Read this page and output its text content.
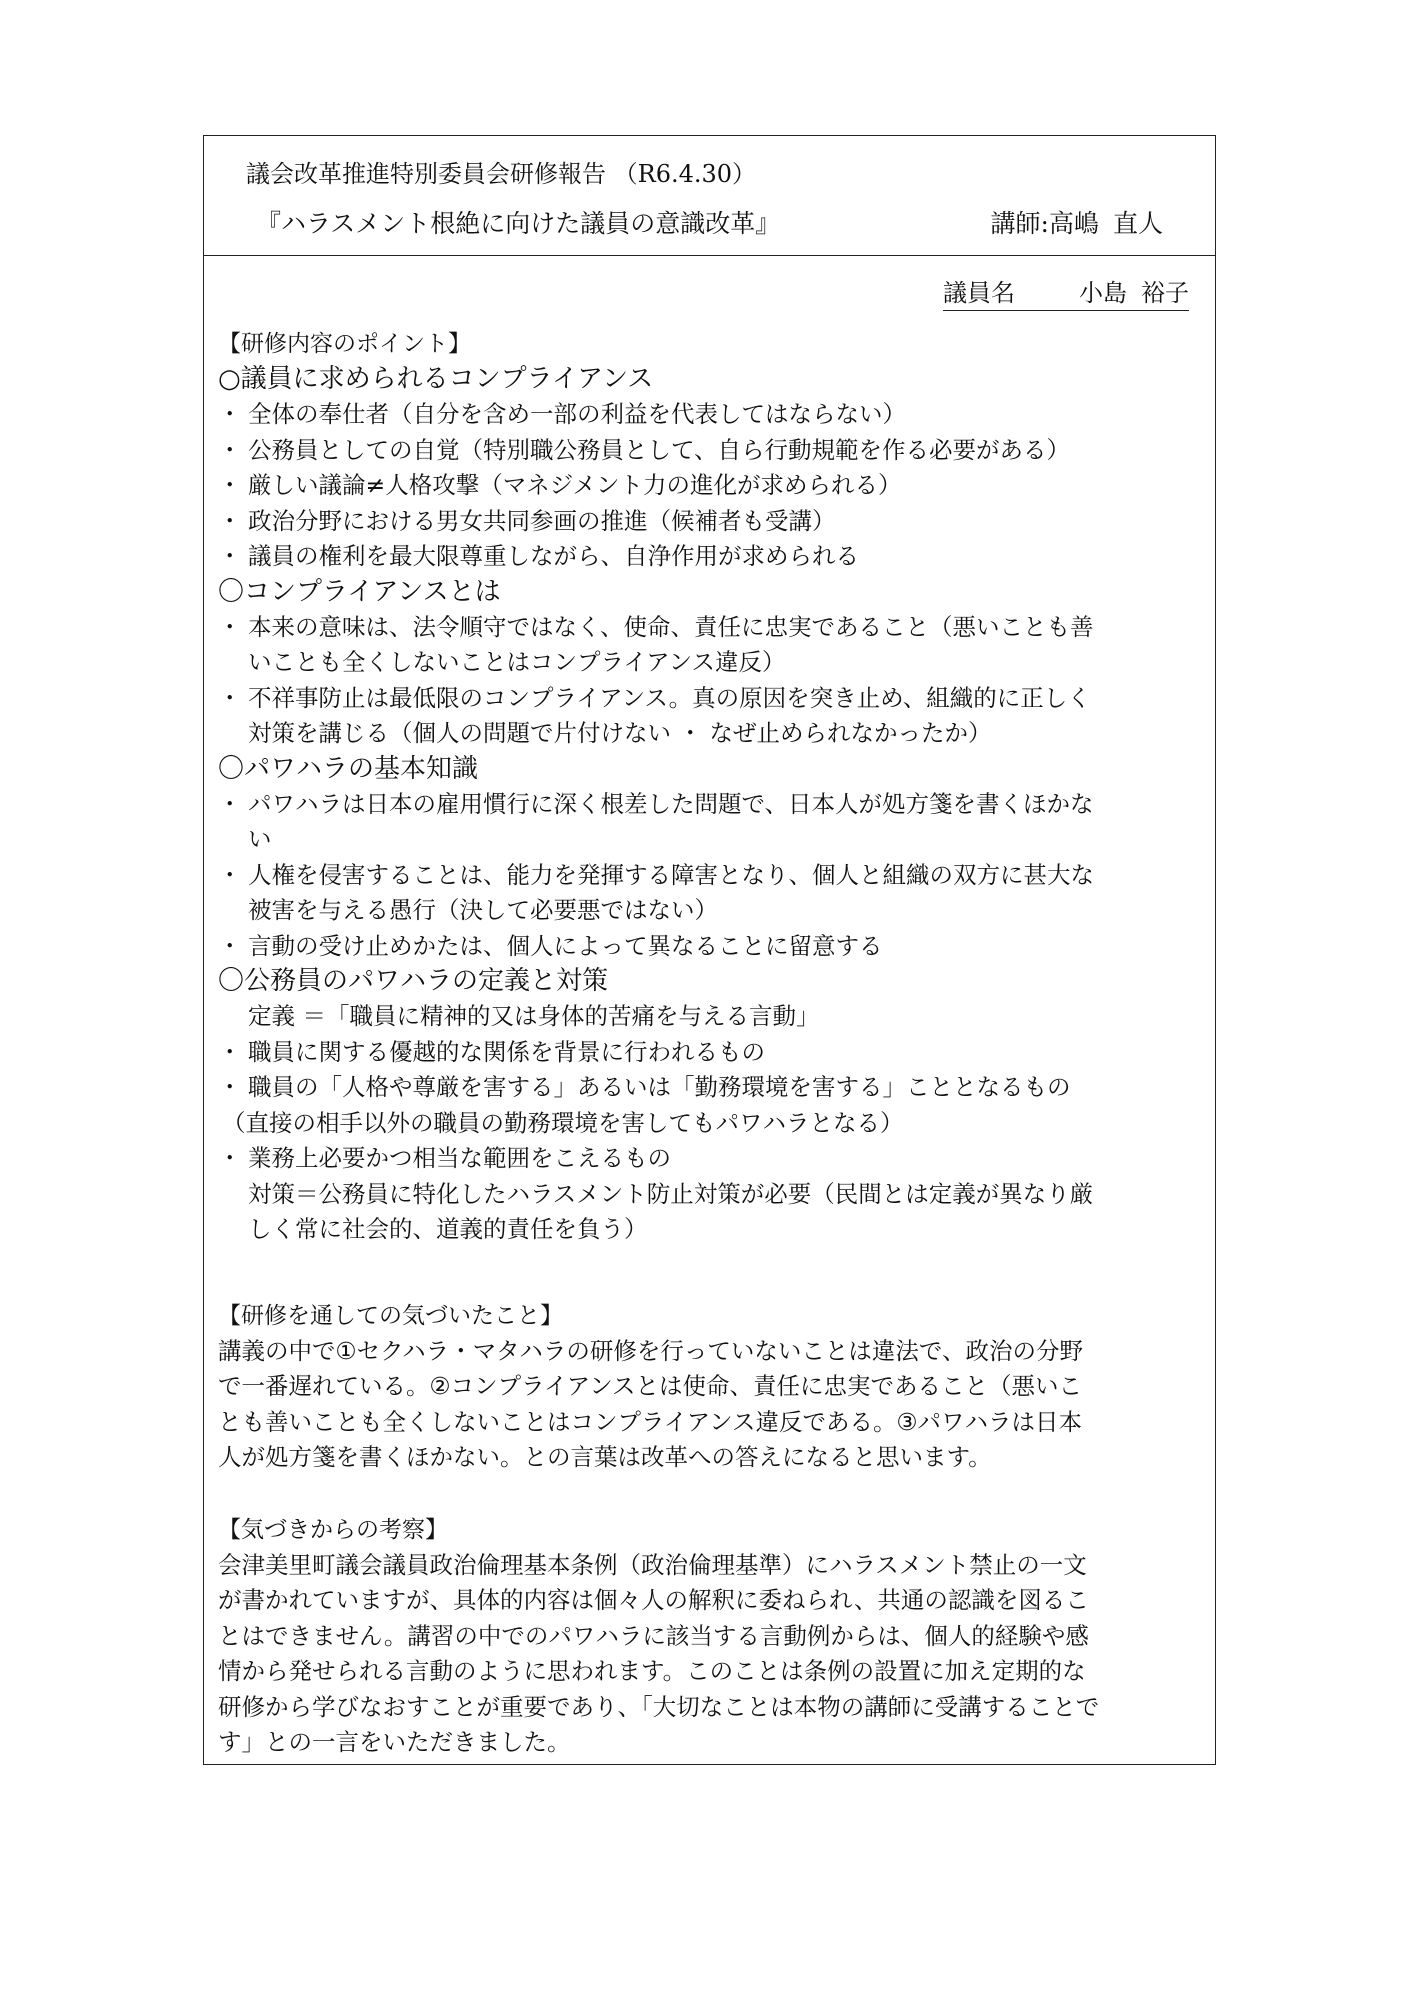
議会改革推進特別委員会研修報告 （R6.4.30）
『ハラスメント根絶に向けた議員の意識改革』	講師:高嶋 直人
議員名	小島 裕子
【研修内容のポイント】
○議員に求められるコンプライアンス
・ 全体の奉仕者（自分を含め一部の利益を代表してはならない）
・ 公務員としての自覚（特別職公務員として、自ら行動規範を作る必要がある）
・ 厳しい議論≠人格攻撃（マネジメント力の進化が求められる）
・ 政治分野における男女共同参画の推進（候補者も受講）
・ 議員の権利を最大限尊重しながら、自浄作用が求められる
〇コンプライアンスとは
・ 本来の意味は、法令順守ではなく、使命、責任に忠実であること（悪いことも善
いことも全くしないことはコンプライアンス違反）
・ 不祥事防止は最低限のコンプライアンス。真の原因を突き止め、組織的に正しく
対策を講じる（個人の問題で片付けない ・ なぜ止められなかったか）
〇パワハラの基本知識
・ パワハラは日本の雇用慣行に深く根差した問題で、日本人が処方箋を書くほかな
い
・ 人権を侵害することは、能力を発揮する障害となり、個人と組織の双方に甚大な
被害を与える愚行（決して必要悪ではない）
・ 言動の受け止めかたは、個人によって異なることに留意する
〇公務員のパワハラの定義と対策
定義 ＝「職員に精神的又は身体的苦痛を与える言動」
・ 職員に関する優越的な関係を背景に行われるもの
・ 職員の「人格や尊厳を害する」あるいは「勤務環境を害する」こととなるもの
（直接の相手以外の職員の勤務環境を害してもパワハラとなる）
・ 業務上必要かつ相当な範囲をこえるもの
対策＝公務員に特化したハラスメント防止対策が必要（民間とは定義が異なり厳
しく常に社会的、道義的責任を負う）
【研修を通しての気づいたこと】
講義の中で①セクハラ・マタハラの研修を行っていないことは違法で、政治の分野
で一番遅れている。②コンプライアンスとは使命、責任に忠実であること（悪いこ
とも善いことも全くしないことはコンプライアンス違反である。③パワハラは日本
人が処方箋を書くほかない。との言葉は改革への答えになると思います。
【気づきからの考察】
会津美里町議会議員政治倫理基本条例（政治倫理基準）にハラスメント禁止の一文
が書かれていますが、具体的内容は個々人の解釈に委ねられ、共通の認識を図るこ
とはできません。講習の中でのパワハラに該当する言動例からは、個人的経験や感
情から発せられる言動のように思われます。このことは条例の設置に加え定期的な
研修から学びなおすことが重要であり、「大切なことは本物の講師に受講することで
す」との一言をいただきました。
